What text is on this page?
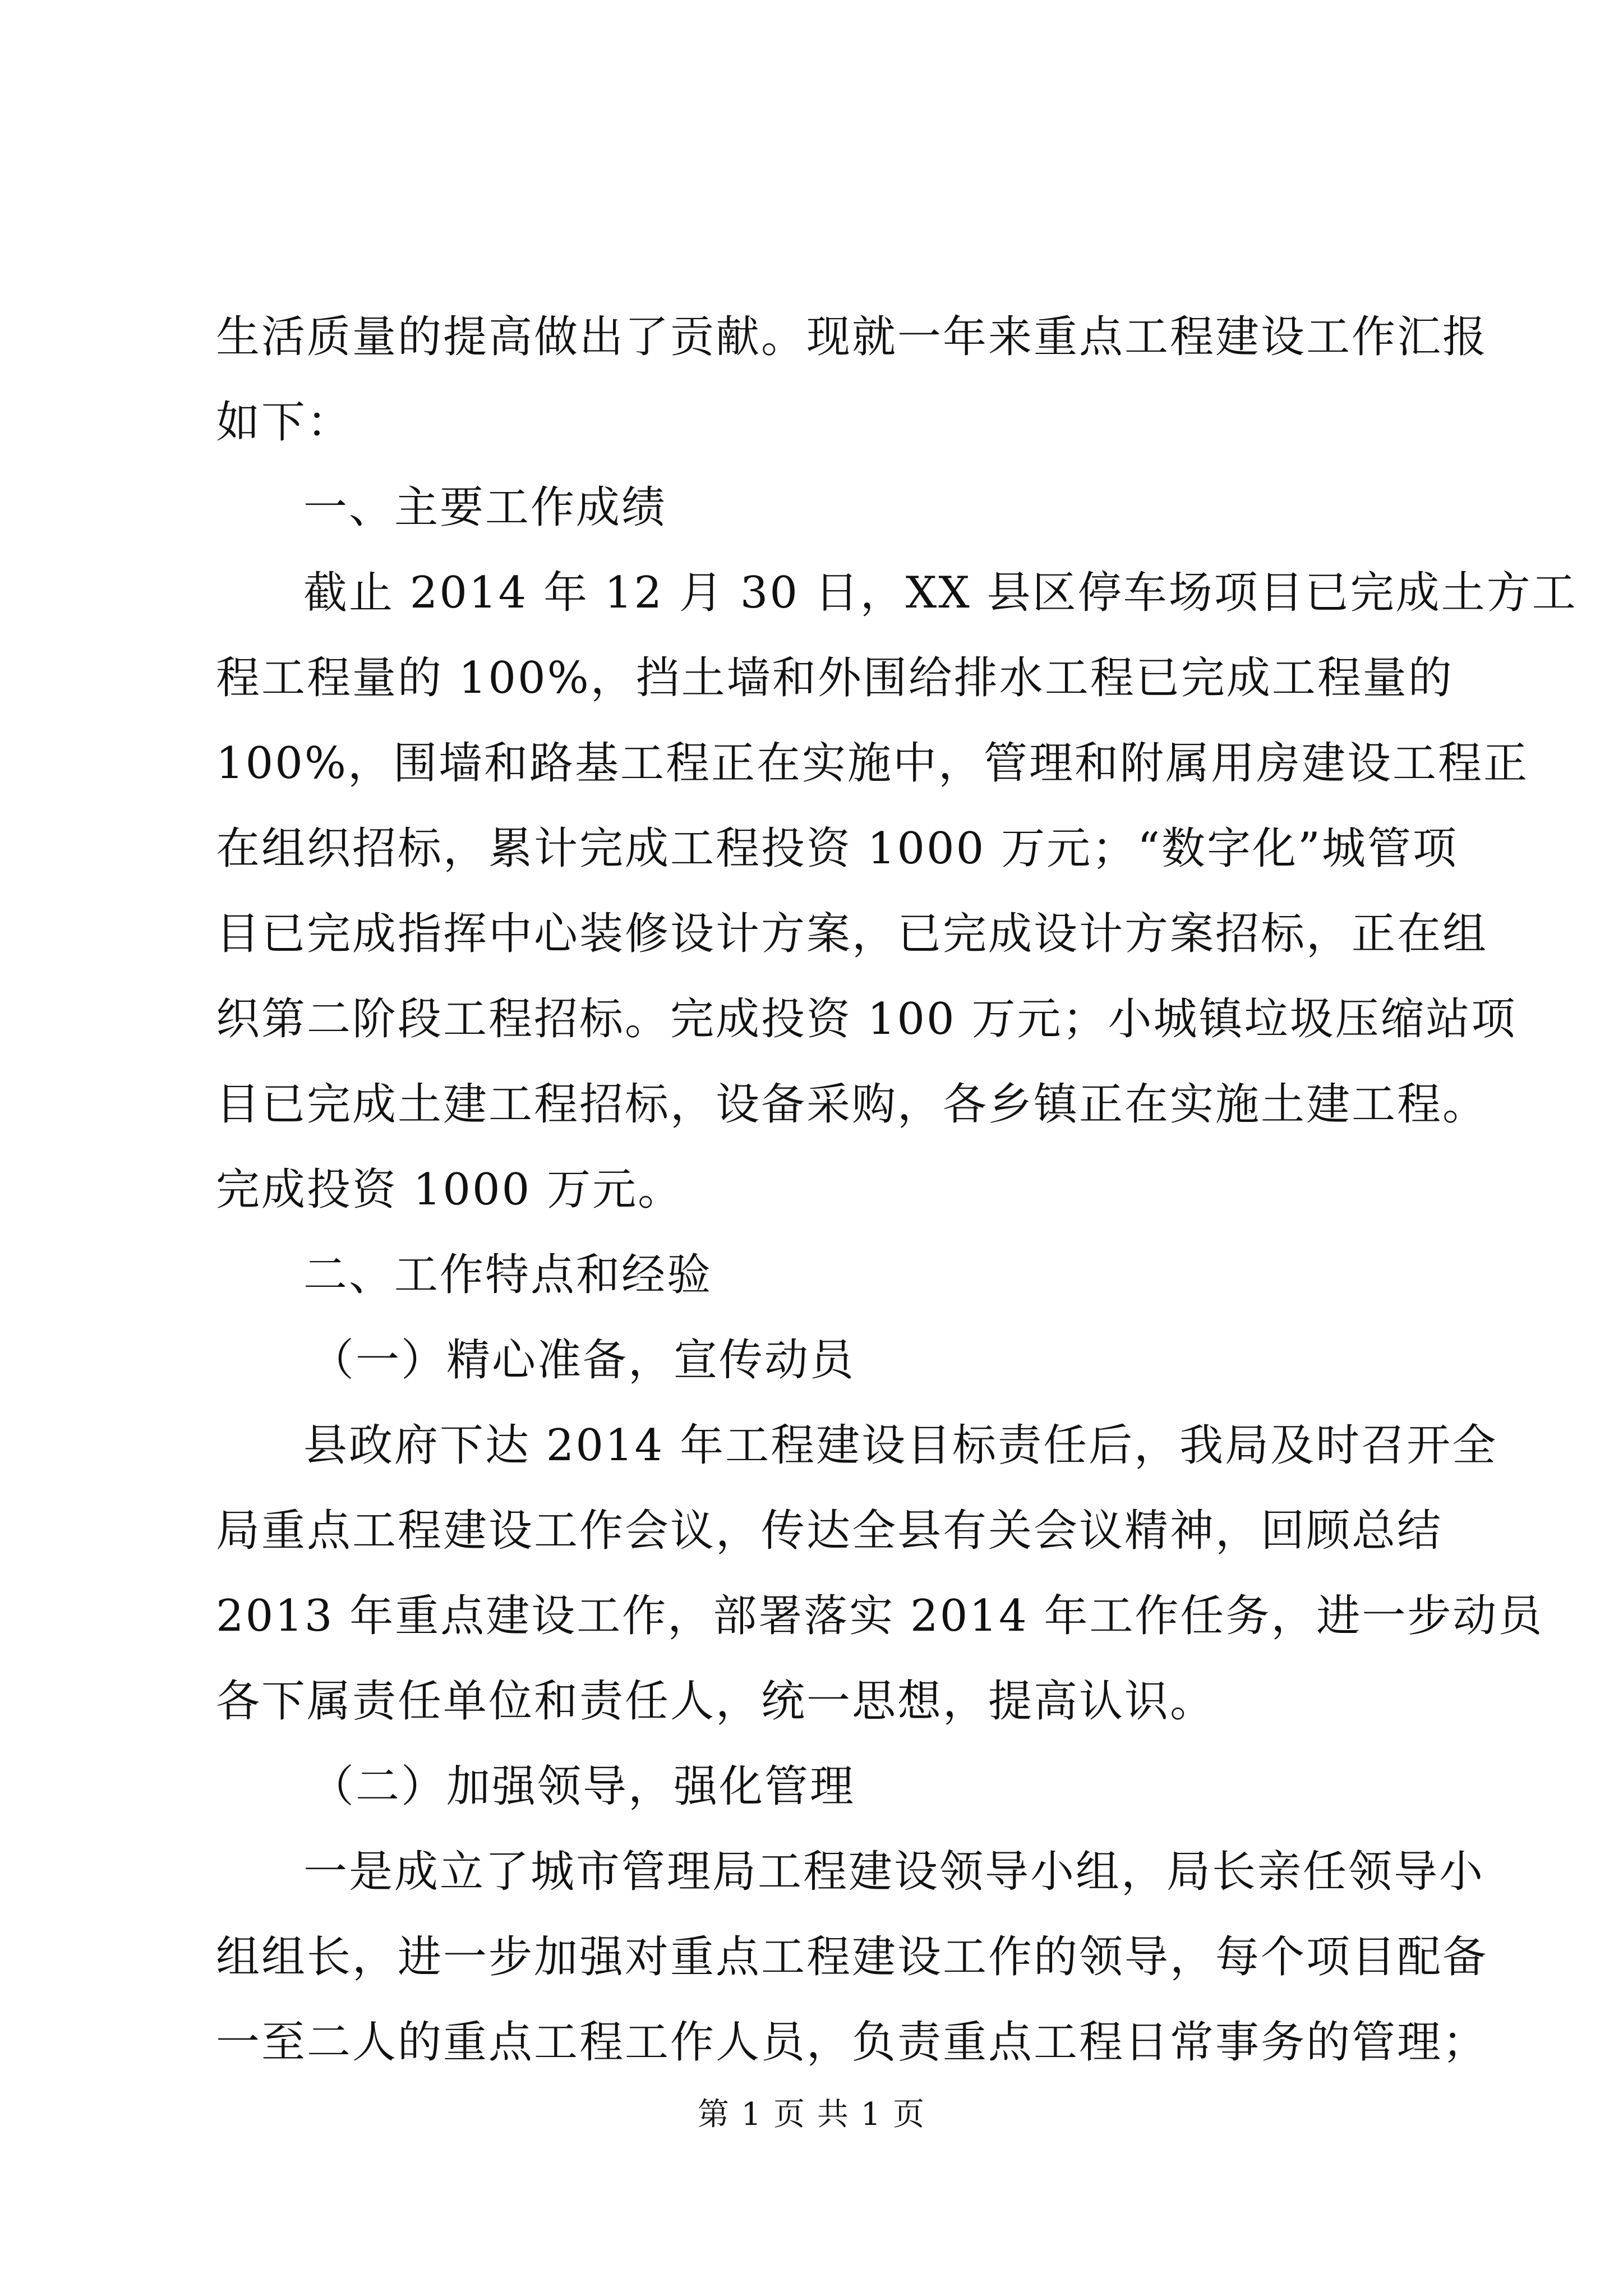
生活质量的提高做出了贡献。现就一年来重点工程建设工作汇报
如下：
一、主要工作成绩
截止 2014 年 12 月 30 日，XX 县区停车场项目已完成土方工
程工程量的 100%，挡土墙和外围给排水工程已完成工程量的
100%，围墙和路基工程正在实施中，管理和附属用房建设工程正
在组织招标，累计完成工程投资 1000 万元；“数字化”城管项
目已完成指挥中心装修设计方案，已完成设计方案招标，正在组
织第二阶段工程招标。完成投资 100 万元；小城镇垃圾压缩站项
目已完成土建工程招标，设备采购，各乡镇正在实施土建工程。
完成投资 1000 万元。
二、工作特点和经验
（一）精心准备，宣传动员
县政府下达 2014 年工程建设目标责任后，我局及时召开全
局重点工程建设工作会议，传达全县有关会议精神，回顾总结
2013 年重点建设工作，部署落实 2014 年工作任务，进一步动员
各下属责任单位和责任人，统一思想，提高认识。
（二）加强领导，强化管理
一是成立了城市管理局工程建设领导小组，局长亲任领导小
组组长，进一步加强对重点工程建设工作的领导，每个项目配备
一至二人的重点工程工作人员，负责重点工程日常事务的管理；
第 1 页 共 1 页
